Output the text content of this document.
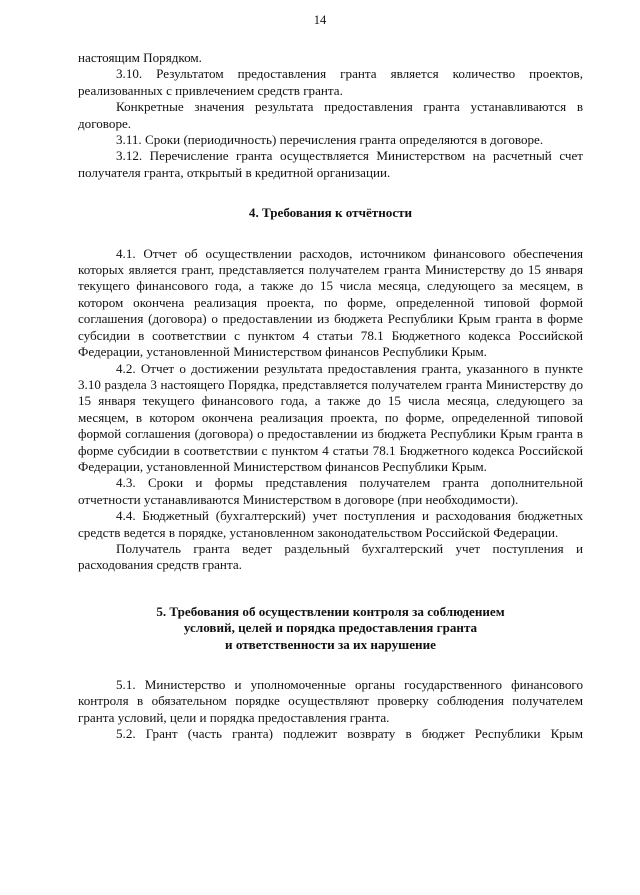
14

настоящим Порядком.

3.10. Результатом предоставления гранта является количество проектов, реализованных с привлечением средств гранта.

Конкретные значения результата предоставления гранта устанавливаются в договоре.

3.11. Сроки (периодичность) перечисления гранта определяются в договоре.

3.12. Перечисление гранта осуществляется Министерством на расчетный счет получателя гранта, открытый в кредитной организации.

4. Требования к отчётности

4.1. Отчет об осуществлении расходов, источником финансового обеспечения которых является грант, представляется получателем гранта Министерству до 15 января текущего финансового года, а также до 15 числа месяца, следующего за месяцем, в котором окончена реализация проекта, по форме, определенной типовой формой соглашения (договора) о предоставлении из бюджета Республики Крым гранта в форме субсидии в соответствии с пунктом 4 статьи 78.1 Бюджетного кодекса Российской Федерации, установленной Министерством финансов Республики Крым.

4.2. Отчет о достижении результата предоставления гранта, указанного в пункте 3.10 раздела 3 настоящего Порядка, представляется получателем гранта Министерству до 15 января текущего финансового года, а также до 15 числа месяца, следующего за месяцем, в котором окончена реализация проекта, по форме, определенной типовой формой соглашения (договора) о предоставлении из бюджета Республики Крым гранта в форме субсидии в соответствии с пунктом 4 статьи 78.1 Бюджетного кодекса Российской Федерации, установленной Министерством финансов Республики Крым.

4.3. Сроки и формы представления получателем гранта дополнительной отчетности устанавливаются Министерством в договоре (при необходимости).

4.4. Бюджетный (бухгалтерский) учет поступления и расходования бюджетных средств ведется в порядке, установленном законодательством Российской Федерации.

Получатель гранта ведет раздельный бухгалтерский учет поступления и расходования средств гранта.

5. Требования об осуществлении контроля за соблюдением
условий, целей и порядка предоставления гранта
и ответственности за их нарушение

5.1. Министерство и уполномоченные органы государственного финансового контроля в обязательном порядке осуществляют проверку соблюдения получателем гранта условий, цели и порядка предоставления гранта.

5.2. Грант (часть гранта) подлежит возврату в бюджет Республики Крым
